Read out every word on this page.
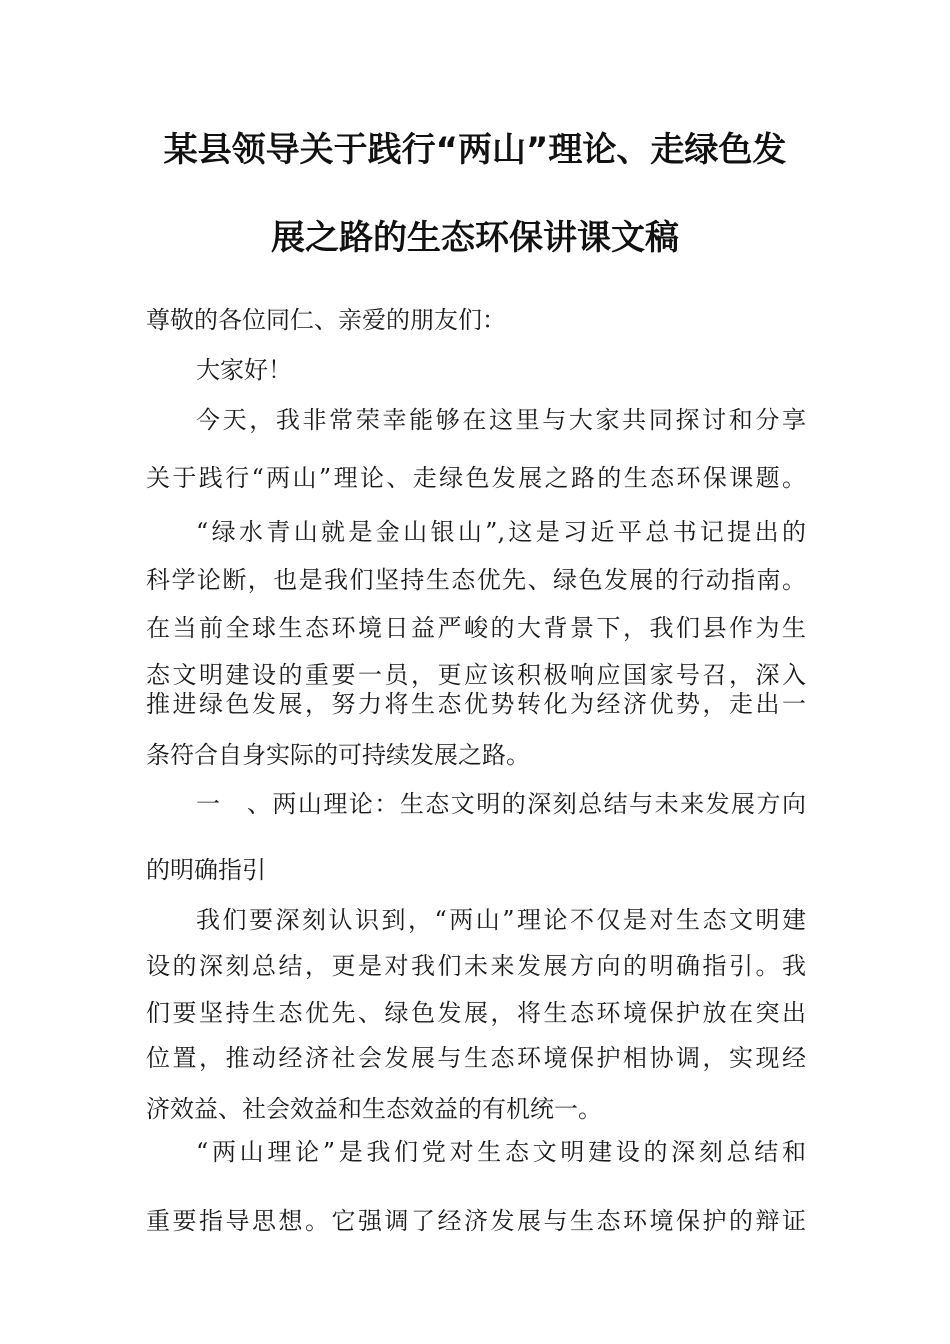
某县领导关于践行“两山”理论、走绿色发
展之路的生态环保讲课文稿
尊敬的各位同仁、亲爱的朋友们：
大家好！
今天，我非常荣幸能够在这里与大家共同探讨和分享
关于践行“两山”理论、走绿色发展之路的生态环保课题。
“绿水青山就是金山银山”,这是习近平总书记提出的
科学论断，也是我们坚持生态优先、绿色发展的行动指南。
在当前全球生态环境日益严峻的大背景下，我们县作为生
态文明建设的重要一员，更应该积极响应国家号召，深入
推进绿色发展，努力将生态优势转化为经济优势，走出一
条符合自身实际的可持续发展之路。
一　、两山理论：生态文明的深刻总结与未来发展方向
的明确指引
我们要深刻认识到，“两山”理论不仅是对生态文明建
设的深刻总结，更是对我们未来发展方向的明确指引。我
们要坚持生态优先、绿色发展，将生态环境保护放在突出
位置，推动经济社会发展与生态环境保护相协调，实现经
济效益、社会效益和生态效益的有机统一。
“两山理论”是我们党对生态文明建设的深刻总结和
重要指导思想。它强调了经济发展与生态环境保护的辩证
